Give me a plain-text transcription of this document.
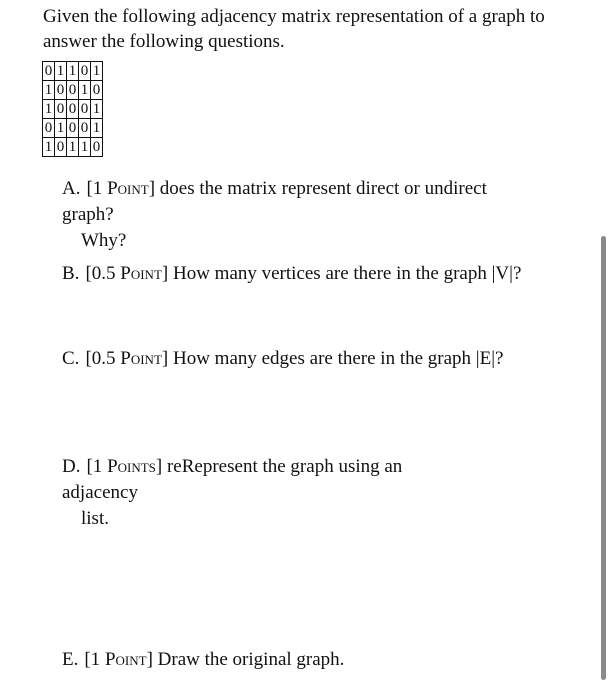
Given the following adjacency matrix representation of a graph to
answer the following questions.
0	1	1	0	1
1	0	0	1	0
1	0	0	0	1
0	1	0	0	1
1	0	1	1	0
A. [1 Point] does the matrix represent direct or undirect graph?
Why?
B. [0.5 Point] How many vertices are there in the graph |V|?
C. [0.5 Point] How many edges are there in the graph |E|?
D. [1 Points] reRepresent the graph using an adjacency
list.
E. [1 Point] Draw the original graph.
